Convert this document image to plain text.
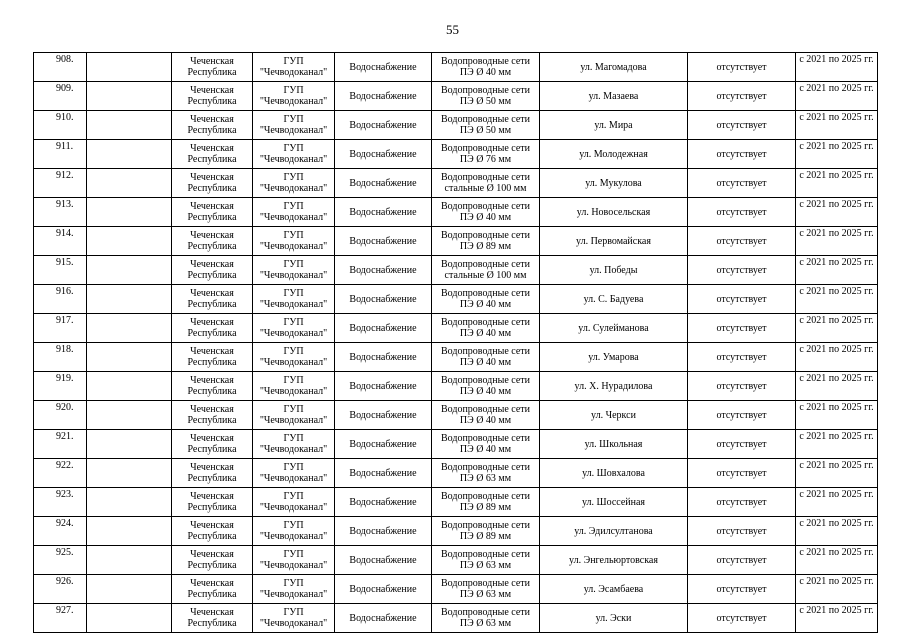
55
908.		Чеченская Республика	ГУП "Чечводоканал"	Водоснабжение	Водопроводные сети ПЭ Ø 40 мм	ул. Магомадова	отсутствует	с 2021 по 2025 гг.
909.		Чеченская Республика	ГУП "Чечводоканал"	Водоснабжение	Водопроводные сети ПЭ Ø 50 мм	ул. Мазаева	отсутствует	с 2021 по 2025 гг.
910.		Чеченская Республика	ГУП "Чечводоканал"	Водоснабжение	Водопроводные сети ПЭ Ø 50 мм	ул. Мира	отсутствует	с 2021 по 2025 гг.
911.		Чеченская Республика	ГУП "Чечводоканал"	Водоснабжение	Водопроводные сети ПЭ Ø 76 мм	ул. Молодежная	отсутствует	с 2021 по 2025 гг.
912.		Чеченская Республика	ГУП "Чечводоканал"	Водоснабжение	Водопроводные сети стальные Ø 100 мм	ул. Мукулова	отсутствует	с 2021 по 2025 гг.
913.		Чеченская Республика	ГУП "Чечводоканал"	Водоснабжение	Водопроводные сети ПЭ Ø 40 мм	ул. Новосельская	отсутствует	с 2021 по 2025 гг.
914.		Чеченская Республика	ГУП "Чечводоканал"	Водоснабжение	Водопроводные сети ПЭ Ø 89 мм	ул. Первомайская	отсутствует	с 2021 по 2025 гг.
915.		Чеченская Республика	ГУП "Чечводоканал"	Водоснабжение	Водопроводные сети стальные Ø 100 мм	ул. Победы	отсутствует	с 2021 по 2025 гг.
916.		Чеченская Республика	ГУП "Чечводоканал"	Водоснабжение	Водопроводные сети ПЭ Ø 40 мм	ул. С. Бадуева	отсутствует	с 2021 по 2025 гг.
917.		Чеченская Республика	ГУП "Чечводоканал"	Водоснабжение	Водопроводные сети ПЭ Ø 40 мм	ул. Сулейманова	отсутствует	с 2021 по 2025 гг.
918.		Чеченская Республика	ГУП "Чечводоканал"	Водоснабжение	Водопроводные сети ПЭ Ø 40 мм	ул. Умарова	отсутствует	с 2021 по 2025 гг.
919.		Чеченская Республика	ГУП "Чечводоканал"	Водоснабжение	Водопроводные сети ПЭ Ø 40 мм	ул. Х. Нурадилова	отсутствует	с 2021 по 2025 гг.
920.		Чеченская Республика	ГУП "Чечводоканал"	Водоснабжение	Водопроводные сети ПЭ Ø 40 мм	ул. Черкси	отсутствует	с 2021 по 2025 гг.
921.		Чеченская Республика	ГУП "Чечводоканал"	Водоснабжение	Водопроводные сети ПЭ Ø 40 мм	ул. Школьная	отсутствует	с 2021 по 2025 гг.
922.		Чеченская Республика	ГУП "Чечводоканал"	Водоснабжение	Водопроводные сети ПЭ Ø 63 мм	ул. Шовхалова	отсутствует	с 2021 по 2025 гг.
923.		Чеченская Республика	ГУП "Чечводоканал"	Водоснабжение	Водопроводные сети ПЭ Ø 89 мм	ул. Шоссейная	отсутствует	с 2021 по 2025 гг.
924.		Чеченская Республика	ГУП "Чечводоканал"	Водоснабжение	Водопроводные сети ПЭ Ø 89 мм	ул. Эдилсултанова	отсутствует	с 2021 по 2025 гг.
925.		Чеченская Республика	ГУП "Чечводоканал"	Водоснабжение	Водопроводные сети ПЭ Ø 63 мм	ул. Энгельюртовская	отсутствует	с 2021 по 2025 гг.
926.		Чеченская Республика	ГУП "Чечводоканал"	Водоснабжение	Водопроводные сети ПЭ Ø 63 мм	ул. Эсамбаева	отсутствует	с 2021 по 2025 гг.
927.		Чеченская Республика	ГУП "Чечводоканал"	Водоснабжение	Водопроводные сети ПЭ Ø 63 мм	ул. Эски	отсутствует	с 2021 по 2025 гг.
